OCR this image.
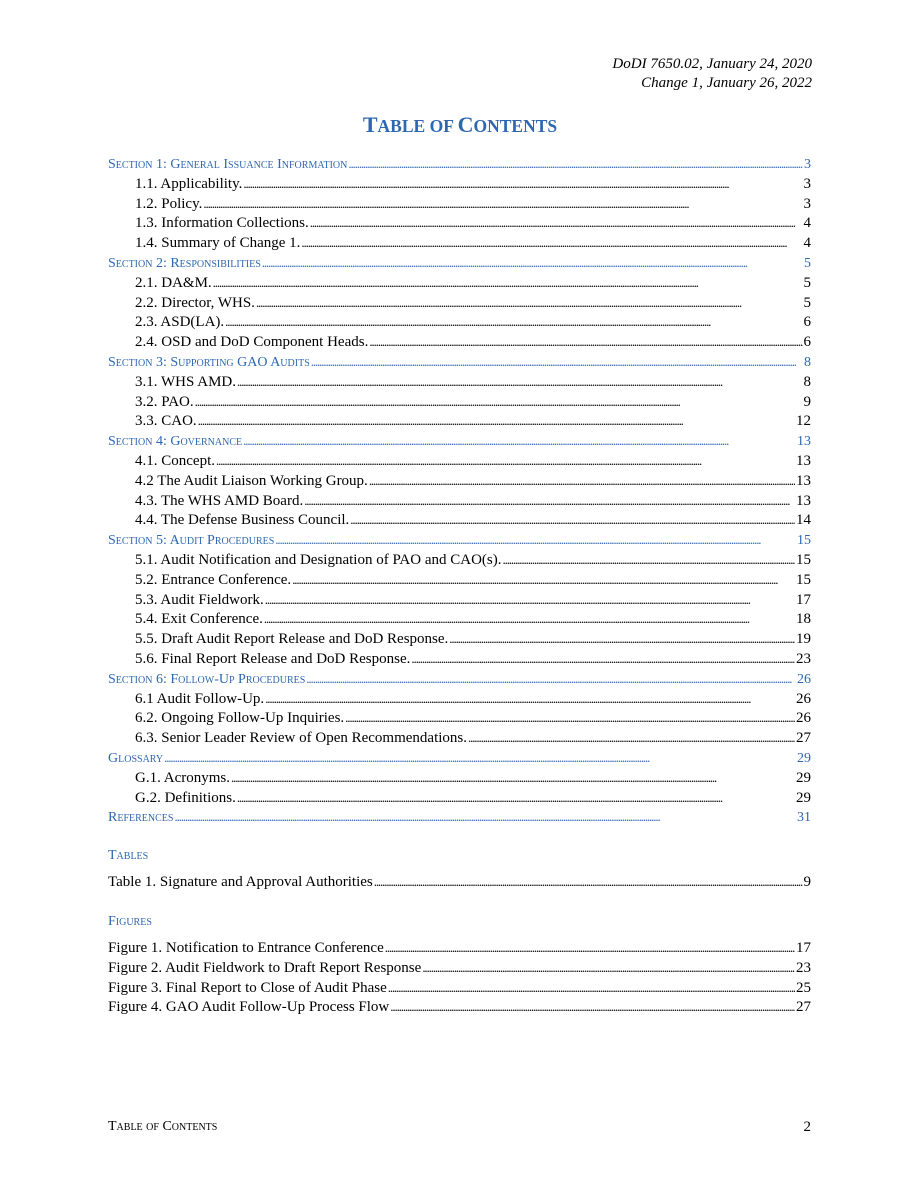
DoDI 7650.02, January 24, 2020
Change 1, January 26, 2022
TABLE OF CONTENTS
Section 1: General Issuance Information . . .	3
1.1. Applicability. . . .	3
1.2. Policy. . . .	3
1.3. Information Collections. . . .	4
1.4. Summary of Change 1. . . .	4
Section 2: Responsibilities . . .	5
2.1. DA&M. . . .	5
2.2. Director, WHS. . . .	5
2.3. ASD(LA). . . .	6
2.4. OSD and DoD Component Heads. . . .	6
Section 3: Supporting GAO Audits . . .	8
3.1. WHS AMD. . . .	8
3.2. PAO. . . .	9
3.3. CAO. . . .	12
Section 4: Governance . . .	13
4.1. Concept. . . .	13
4.2 The Audit Liaison Working Group. . . .	13
4.3. The WHS AMD Board. . . .	13
4.4. The Defense Business Council. . . .	14
Section 5: Audit Procedures . . .	15
5.1. Audit Notification and Designation of PAO and CAO(s). . . .	15
5.2. Entrance Conference. . . .	15
5.3. Audit Fieldwork. . . .	17
5.4. Exit Conference. . . .	18
5.5. Draft Audit Report Release and DoD Response. . . .	19
5.6. Final Report Release and DoD Response. . . .	23
Section 6: Follow-Up Procedures . . .	26
6.1 Audit Follow-Up. . . .	26
6.2. Ongoing Follow-Up Inquiries. . . .	26
6.3. Senior Leader Review of Open Recommendations. . . .	27
Glossary . . .	29
G.1. Acronyms. . . .	29
G.2. Definitions. . . .	29
References . . .	31
Tables
Table 1. Signature and Approval Authorities . . .	9
Figures
Figure 1. Notification to Entrance Conference . . .	17
Figure 2. Audit Fieldwork to Draft Report Response . . .	23
Figure 3. Final Report to Close of Audit Phase . . .	25
Figure 4. GAO Audit Follow-Up Process Flow . . .	27
Table of Contents	2
